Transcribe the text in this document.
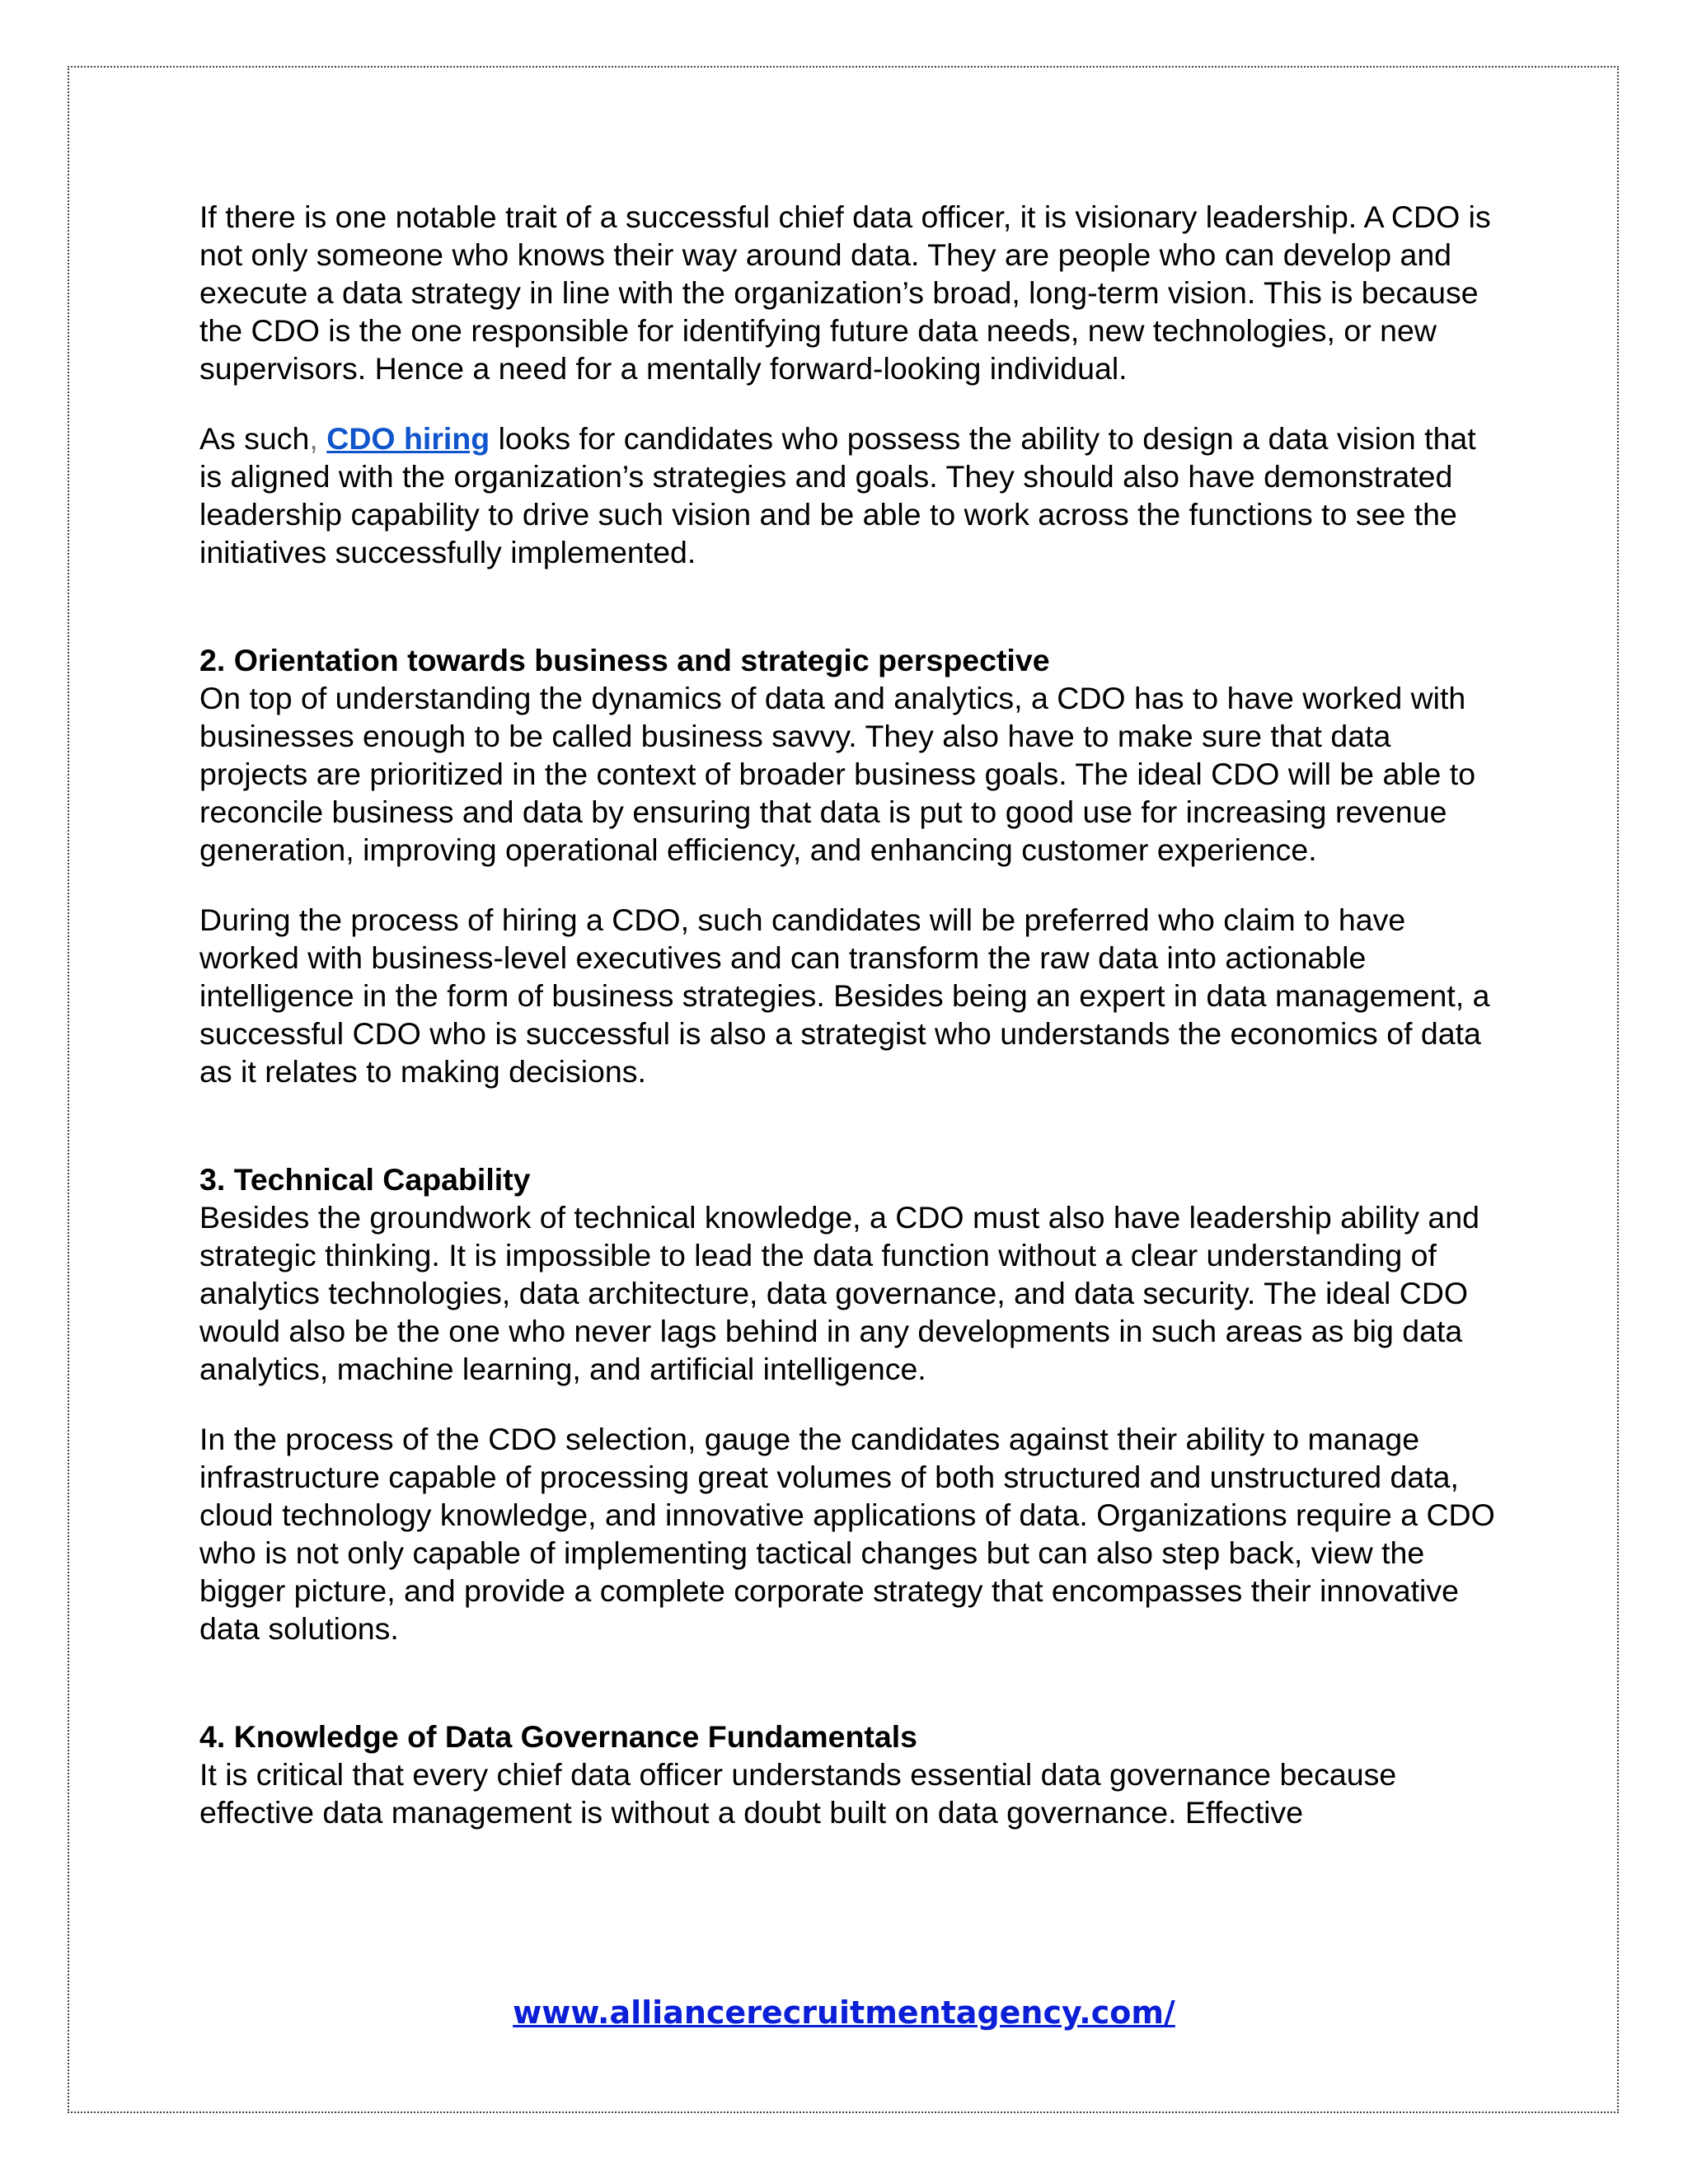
If there is one notable trait of a successful chief data officer, it is visionary leadership. A CDO is not only someone who knows their way around data. They are people who can develop and execute a data strategy in line with the organization’s broad, long-term vision. This is because the CDO is the one responsible for identifying future data needs, new technologies, or new supervisors. Hence a need for a mentally forward-looking individual.

As such, CDO hiring looks for candidates who possess the ability to design a data vision that is aligned with the organization’s strategies and goals. They should also have demonstrated leadership capability to drive such vision and be able to work across the functions to see the initiatives successfully implemented.

2. Orientation towards business and strategic perspective

On top of understanding the dynamics of data and analytics, a CDO has to have worked with businesses enough to be called business savvy. They also have to make sure that data projects are prioritized in the context of broader business goals. The ideal CDO will be able to reconcile business and data by ensuring that data is put to good use for increasing revenue generation, improving operational efficiency, and enhancing customer experience.

During the process of hiring a CDO, such candidates will be preferred who claim to have worked with business-level executives and can transform the raw data into actionable intelligence in the form of business strategies. Besides being an expert in data management, a successful CDO who is successful is also a strategist who understands the economics of data as it relates to making decisions.

3. Technical Capability

Besides the groundwork of technical knowledge, a CDO must also have leadership ability and strategic thinking. It is impossible to lead the data function without a clear understanding of analytics technologies, data architecture, data governance, and data security. The ideal CDO would also be the one who never lags behind in any developments in such areas as big data analytics, machine learning, and artificial intelligence.

In the process of the CDO selection, gauge the candidates against their ability to manage infrastructure capable of processing great volumes of both structured and unstructured data, cloud technology knowledge, and innovative applications of data. Organizations require a CDO who is not only capable of implementing tactical changes but can also step back, view the bigger picture, and provide a complete corporate strategy that encompasses their innovative data solutions.

4. Knowledge of Data Governance Fundamentals

It is critical that every chief data officer understands essential data governance because effective data management is without a doubt built on data governance. Effective

www.alliancerecruitmentagency.com/
